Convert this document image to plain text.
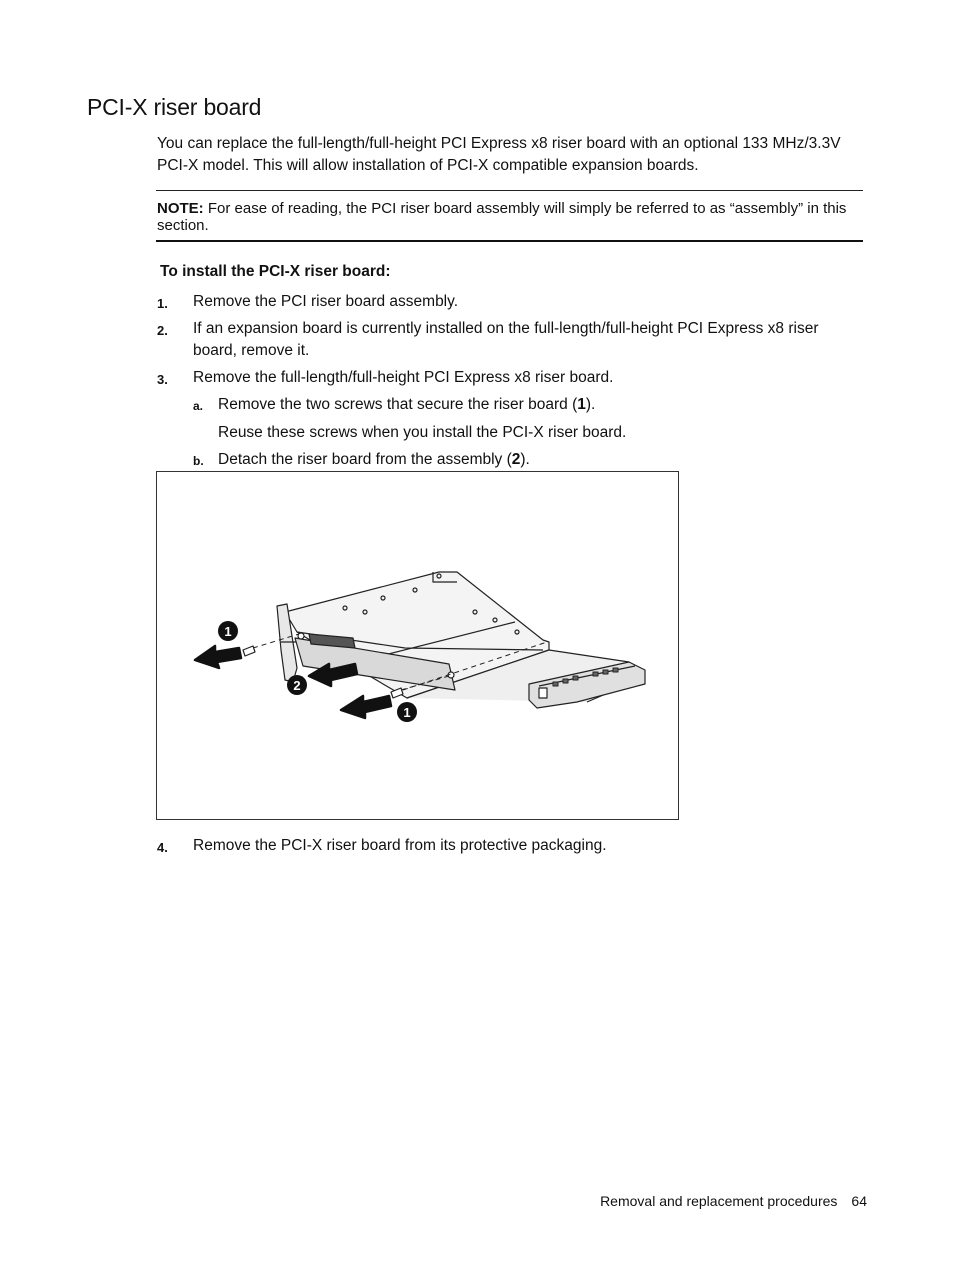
PCI-X riser board

You can replace the full-length/full-height PCI Express x8 riser board with an optional 133 MHz/3.3V PCI-X model. This will allow installation of PCI-X compatible expansion boards.

NOTE: For ease of reading, the PCI riser board assembly will simply be referred to as “assembly” in this section.

To install the PCI-X riser board:

1. Remove the PCI riser board assembly.
2. If an expansion board is currently installed on the full-length/full-height PCI Express x8 riser board, remove it.
3. Remove the full-length/full-height PCI Express x8 riser board.
a. Remove the two screws that secure the riser board (1).
Reuse these screws when you install the PCI-X riser board.
b. Detach the riser board from the assembly (2).
1
2
1
4. Remove the PCI-X riser board from its protective packaging.
Removal and replacement procedures 64
